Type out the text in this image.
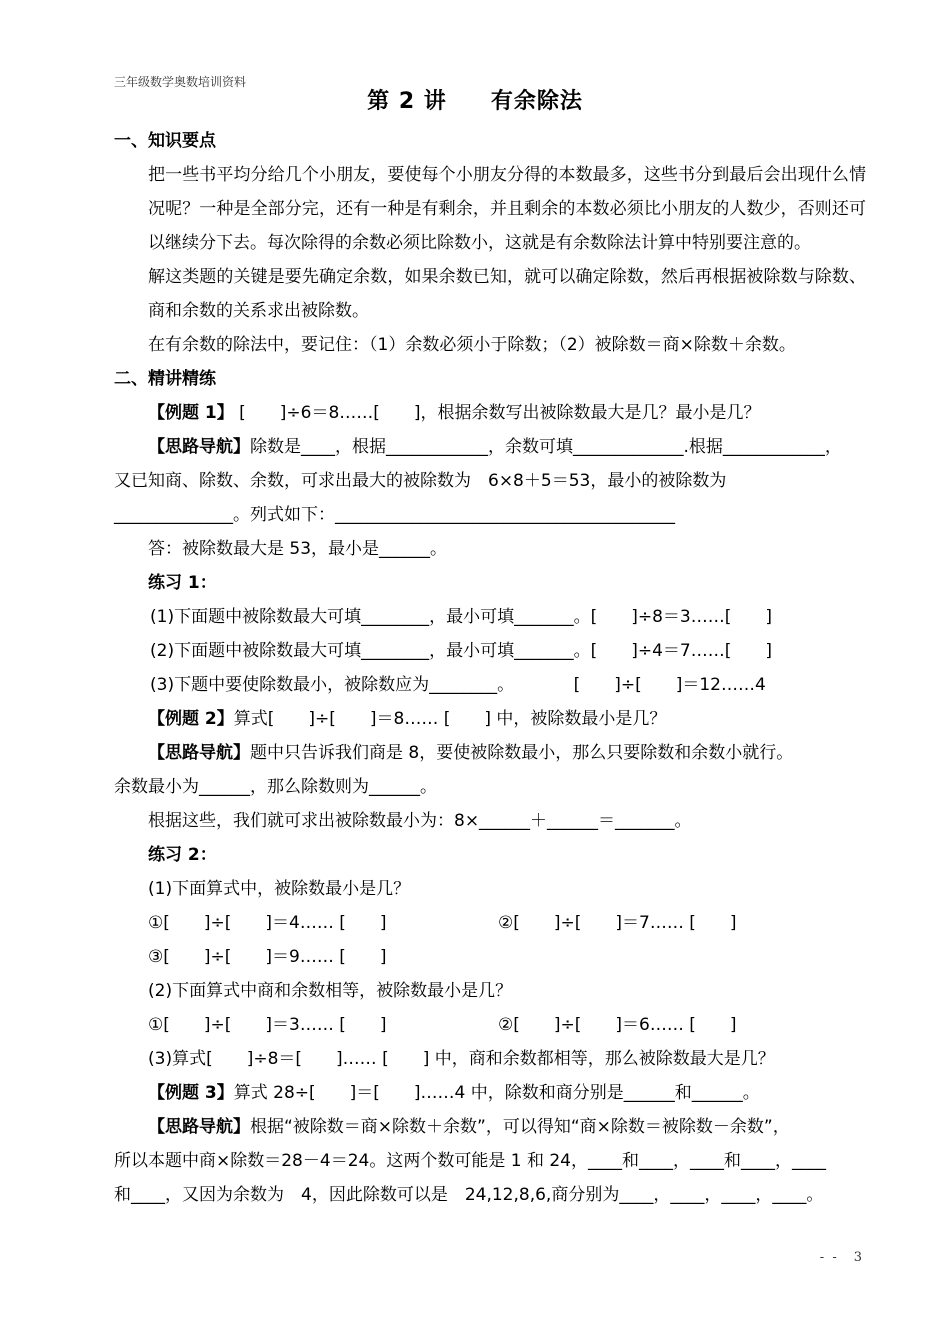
三年级数学奥数培训资料
第 2 讲 有余除法
一、知识要点
把一些书平均分给几个小朋友，要使每个小朋友分得的本数最多，这些书分到最后会出现什么情况呢？一种是全部分完，还有一种是有剩余，并且剩余的本数必须比小朋友的人数少，否则还可以继续分下去。每次除得的余数必须比除数小，这就是有余数除法计算中特别要注意的。
解这类题的关键是要先确定余数，如果余数已知，就可以确定除数，然后再根据被除数与除数、商和余数的关系求出被除数。
在有余数的除法中，要记住：（1）余数必须小于除数；（2）被除数＝商×除数＋余数。
二、精讲精练
【例题 1】 [　　]÷6＝8……[　　]，根据余数写出被除数最大是几？最小是几？
【思路导航】除数是____，根据____________，余数可填_____________.根据____________，
又已知商、除数、余数，可求出最大的被除数为　6×8＋5＝53，最小的被除数为
______________。列式如下：________________________________________
答：被除数最大是 53，最小是______。
练习 1：
(1)下面题中被除数最大可填________，最小可填_______。[　　]÷8＝3……[　　]
(2)下面题中被除数最大可填________，最小可填_______。[　　]÷4＝7……[　　]
(3)下题中要使除数最小，被除数应为________。　　　　[　　]÷[　　]＝12……4
【例题 2】算式[　　]÷[　　]＝8…… [　　] 中，被除数最小是几？
【思路导航】题中只告诉我们商是 8，要使被除数最小，那么只要除数和余数小就行。
余数最小为______，那么除数则为______。
根据这些，我们就可求出被除数最小为：8×______＋______＝_______。
练习 2：
(1)下面算式中，被除数最小是几？
①[　　]÷[　　]＝4…… [　　]	②[　　]÷[　　]＝7…… [　　]
③[　　]÷[　　]＝9…… [　　]
(2)下面算式中商和余数相等，被除数最小是几？
①[　　]÷[　　]＝3…… [　　]	②[　　]÷[　　]＝6…… [　　]
(3)算式[　　]÷8＝[　　]…… [　　] 中，商和余数都相等，那么被除数最大是几？
【例题 3】算式 28÷[　　]＝[　　]……4 中，除数和商分别是______和______。
【思路导航】根据“被除数＝商×除数＋余数”，可以得知“商×除数＝被除数－余数”，
所以本题中商×除数＝28－4＝24。这两个数可能是 1 和 24，____和____，____和____，____
和____，又因为余数为　4，因此除数可以是　24,12,8,6,商分别为____，____，____，____。
- -　3
